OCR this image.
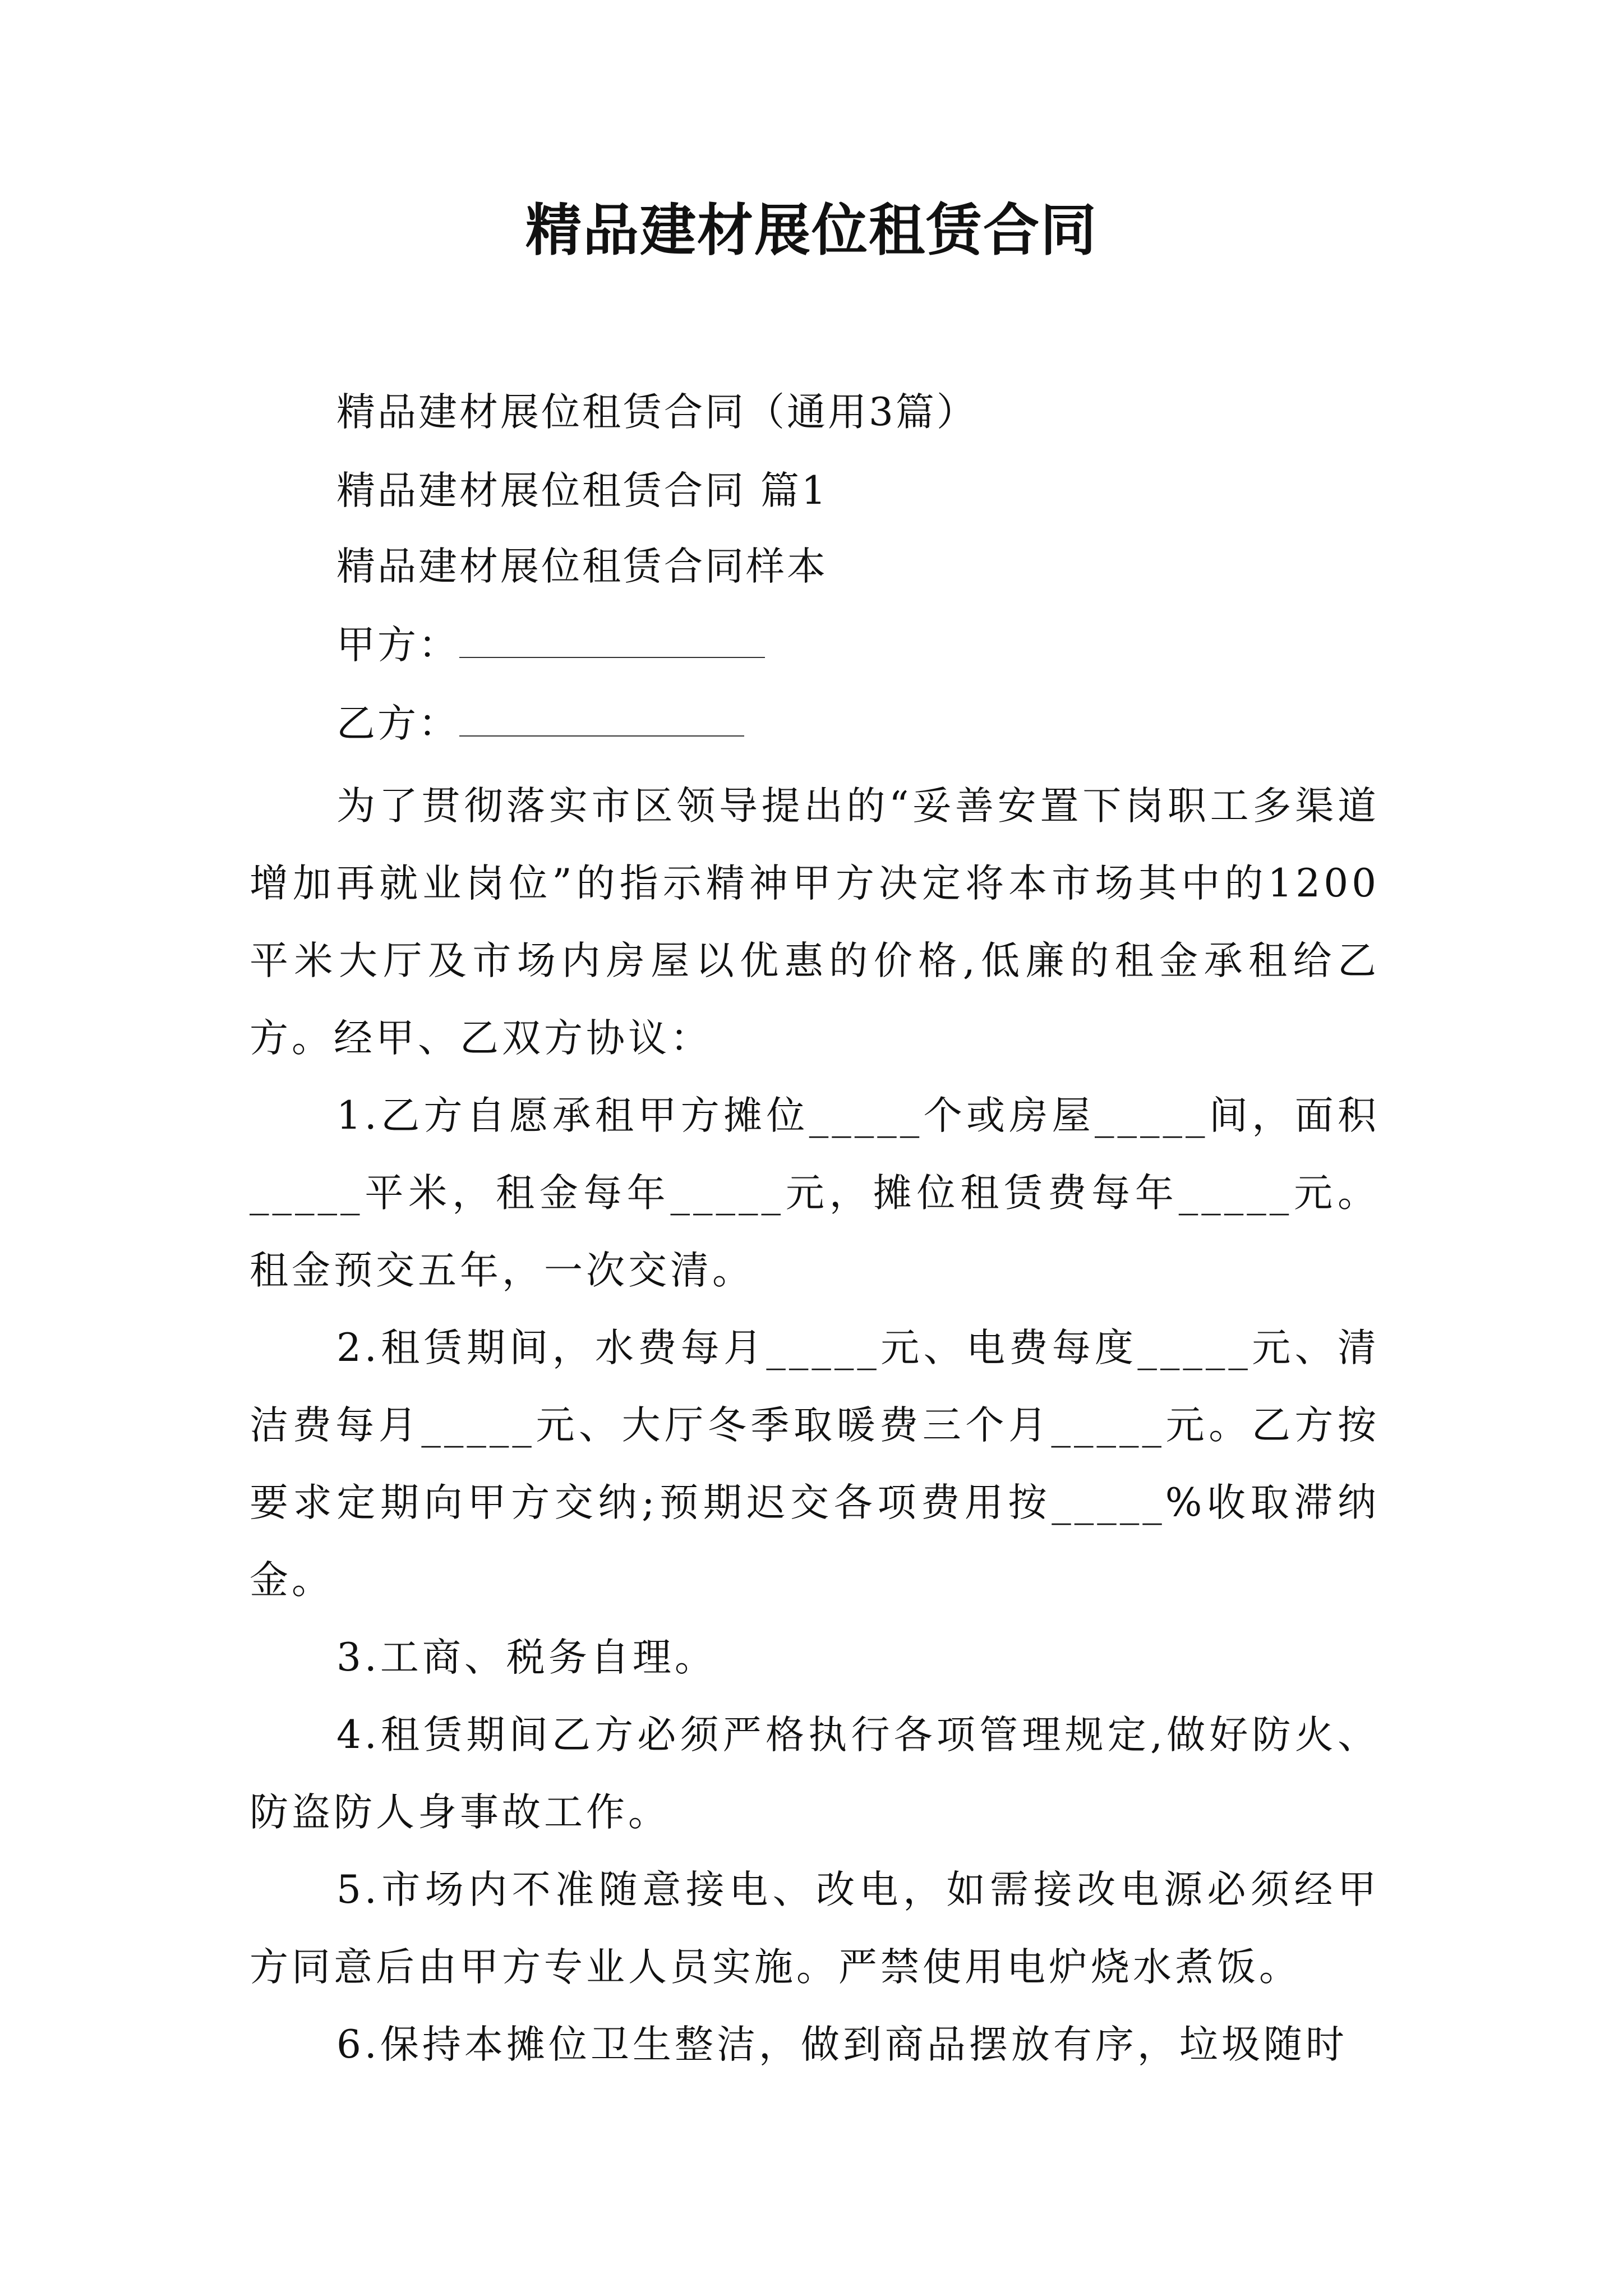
精品建材展位租赁合同
精品建材展位租赁合同（通用3篇）
精品建材展位租赁合同 篇1
精品建材展位租赁合同样本
甲方：
乙方：

为了贯彻落实市区领导提出的“妥善安置下岗职工多渠道增加再就业岗位”的指示精神甲方决定将本市场其中的1200平米大厅及市场内房屋以优惠的价格,低廉的租金承租给乙方。经甲、乙双方协议：

1.乙方自愿承租甲方摊位_____个或房屋_____间，面积_____平米，租金每年_____元，摊位租赁费每年_____元。租金预交五年，一次交清。

2.租赁期间，水费每月_____元、电费每度_____元、清洁费每月_____元、大厅冬季取暖费三个月_____元。乙方按要求定期向甲方交纳;预期迟交各项费用按_____%收取滞纳金。

3.工商、税务自理。

4.租赁期间乙方必须严格执行各项管理规定,做好防火、防盗防人身事故工作。

5.市场内不准随意接电、改电，如需接改电源必须经甲方同意后由甲方专业人员实施。严禁使用电炉烧水煮饭。

6.保持本摊位卫生整洁，做到商品摆放有序，垃圾随时
